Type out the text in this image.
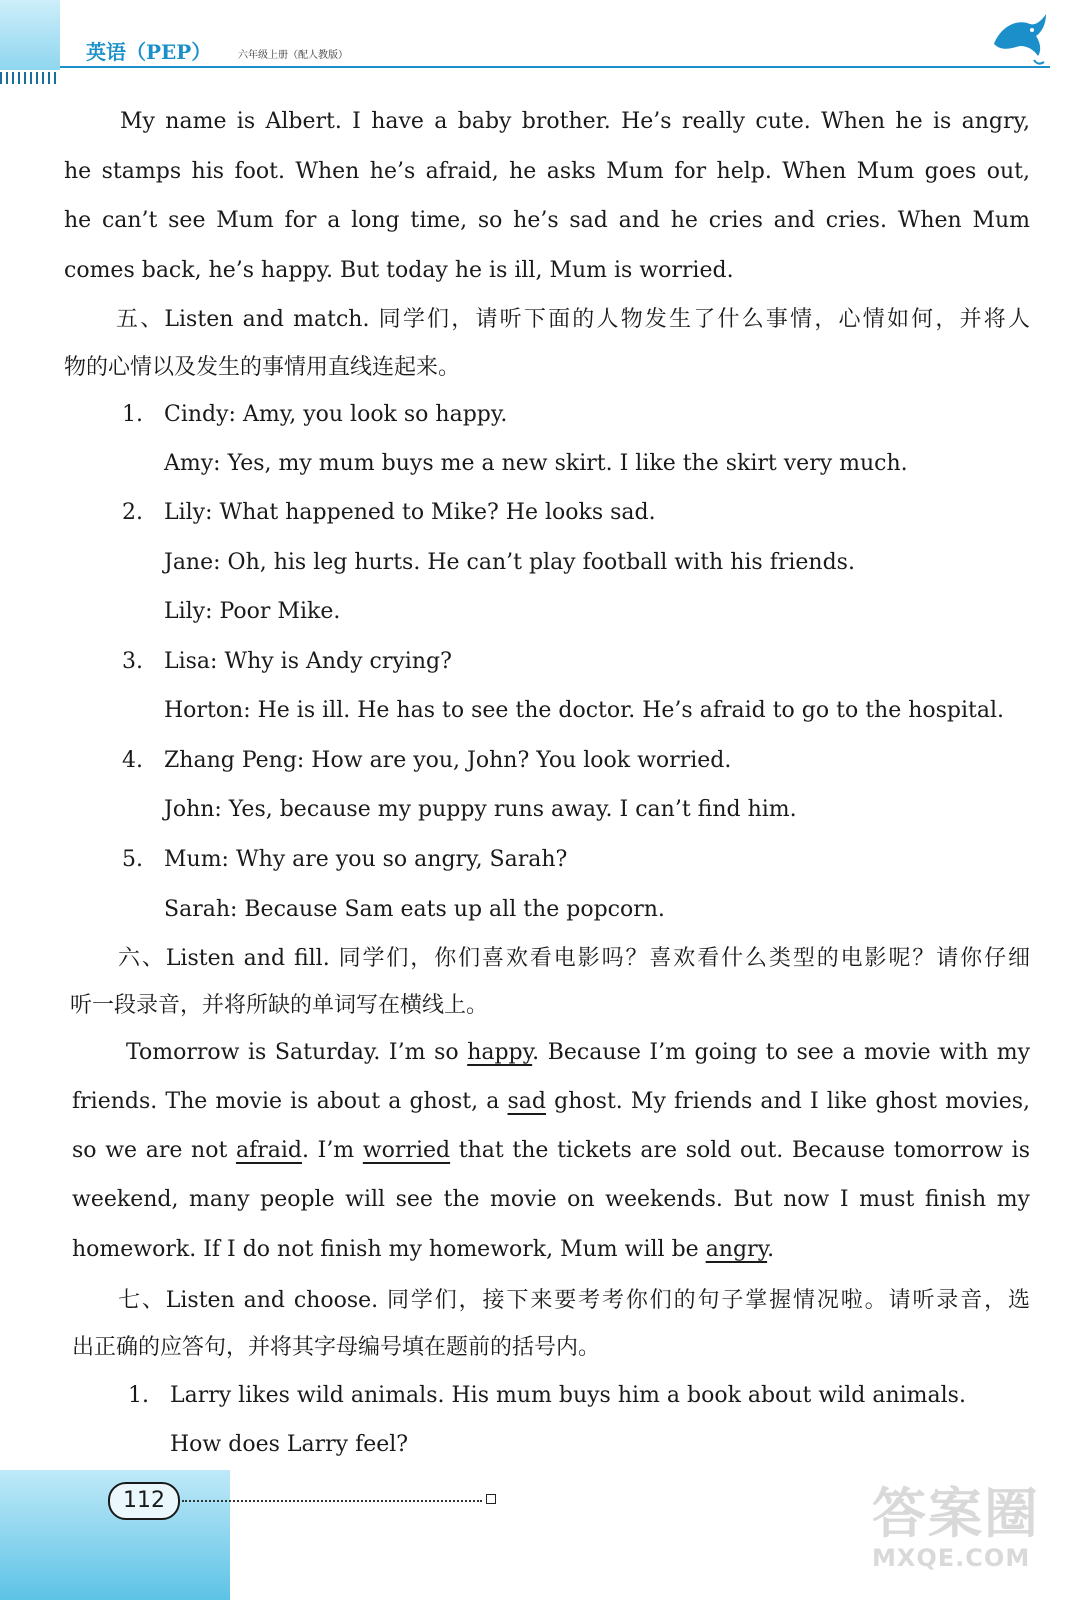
英语（PEP）	六年级上册（配人教版）
My name is Albert. I have a baby brother. He’s really cute. When he is angry,
he stamps his foot. When he’s afraid, he asks Mum for help. When Mum goes out,
he can’t see Mum for a long time, so he’s sad and he cries and cries. When Mum
comes back, he’s happy. But today he is ill, Mum is worried.
五、Listen and match. 同学们，请听下面的人物发生了什么事情，心情如何，并将人
物的心情以及发生的事情用直线连起来。
1. Cindy: Amy, you look so happy.
Amy: Yes, my mum buys me a new skirt. I like the skirt very much.
2. Lily: What happened to Mike? He looks sad.
Jane: Oh, his leg hurts. He can’t play football with his friends.
Lily: Poor Mike.
3. Lisa: Why is Andy crying?
Horton: He is ill. He has to see the doctor. He’s afraid to go to the hospital.
4. Zhang Peng: How are you, John? You look worried.
John: Yes, because my puppy runs away. I can’t find him.
5. Mum: Why are you so angry, Sarah?
Sarah: Because Sam eats up all the popcorn.
六、Listen and fill. 同学们，你们喜欢看电影吗？喜欢看什么类型的电影呢？请你仔细
听一段录音，并将所缺的单词写在横线上。
Tomorrow is Saturday. I’m so happy. Because I’m going to see a movie with my
friends. The movie is about a ghost, a sad ghost. My friends and I like ghost movies,
so we are not afraid. I’m worried that the tickets are sold out. Because tomorrow is
weekend, many people will see the movie on weekends. But now I must finish my
homework. If I do not finish my homework, Mum will be angry.
七、Listen and choose. 同学们，接下来要考考你们的句子掌握情况啦。请听录音，选
出正确的应答句，并将其字母编号填在题前的括号内。
1. Larry likes wild animals. His mum buys him a book about wild animals.
How does Larry feel?
112	答案圈
MXQE.COM
